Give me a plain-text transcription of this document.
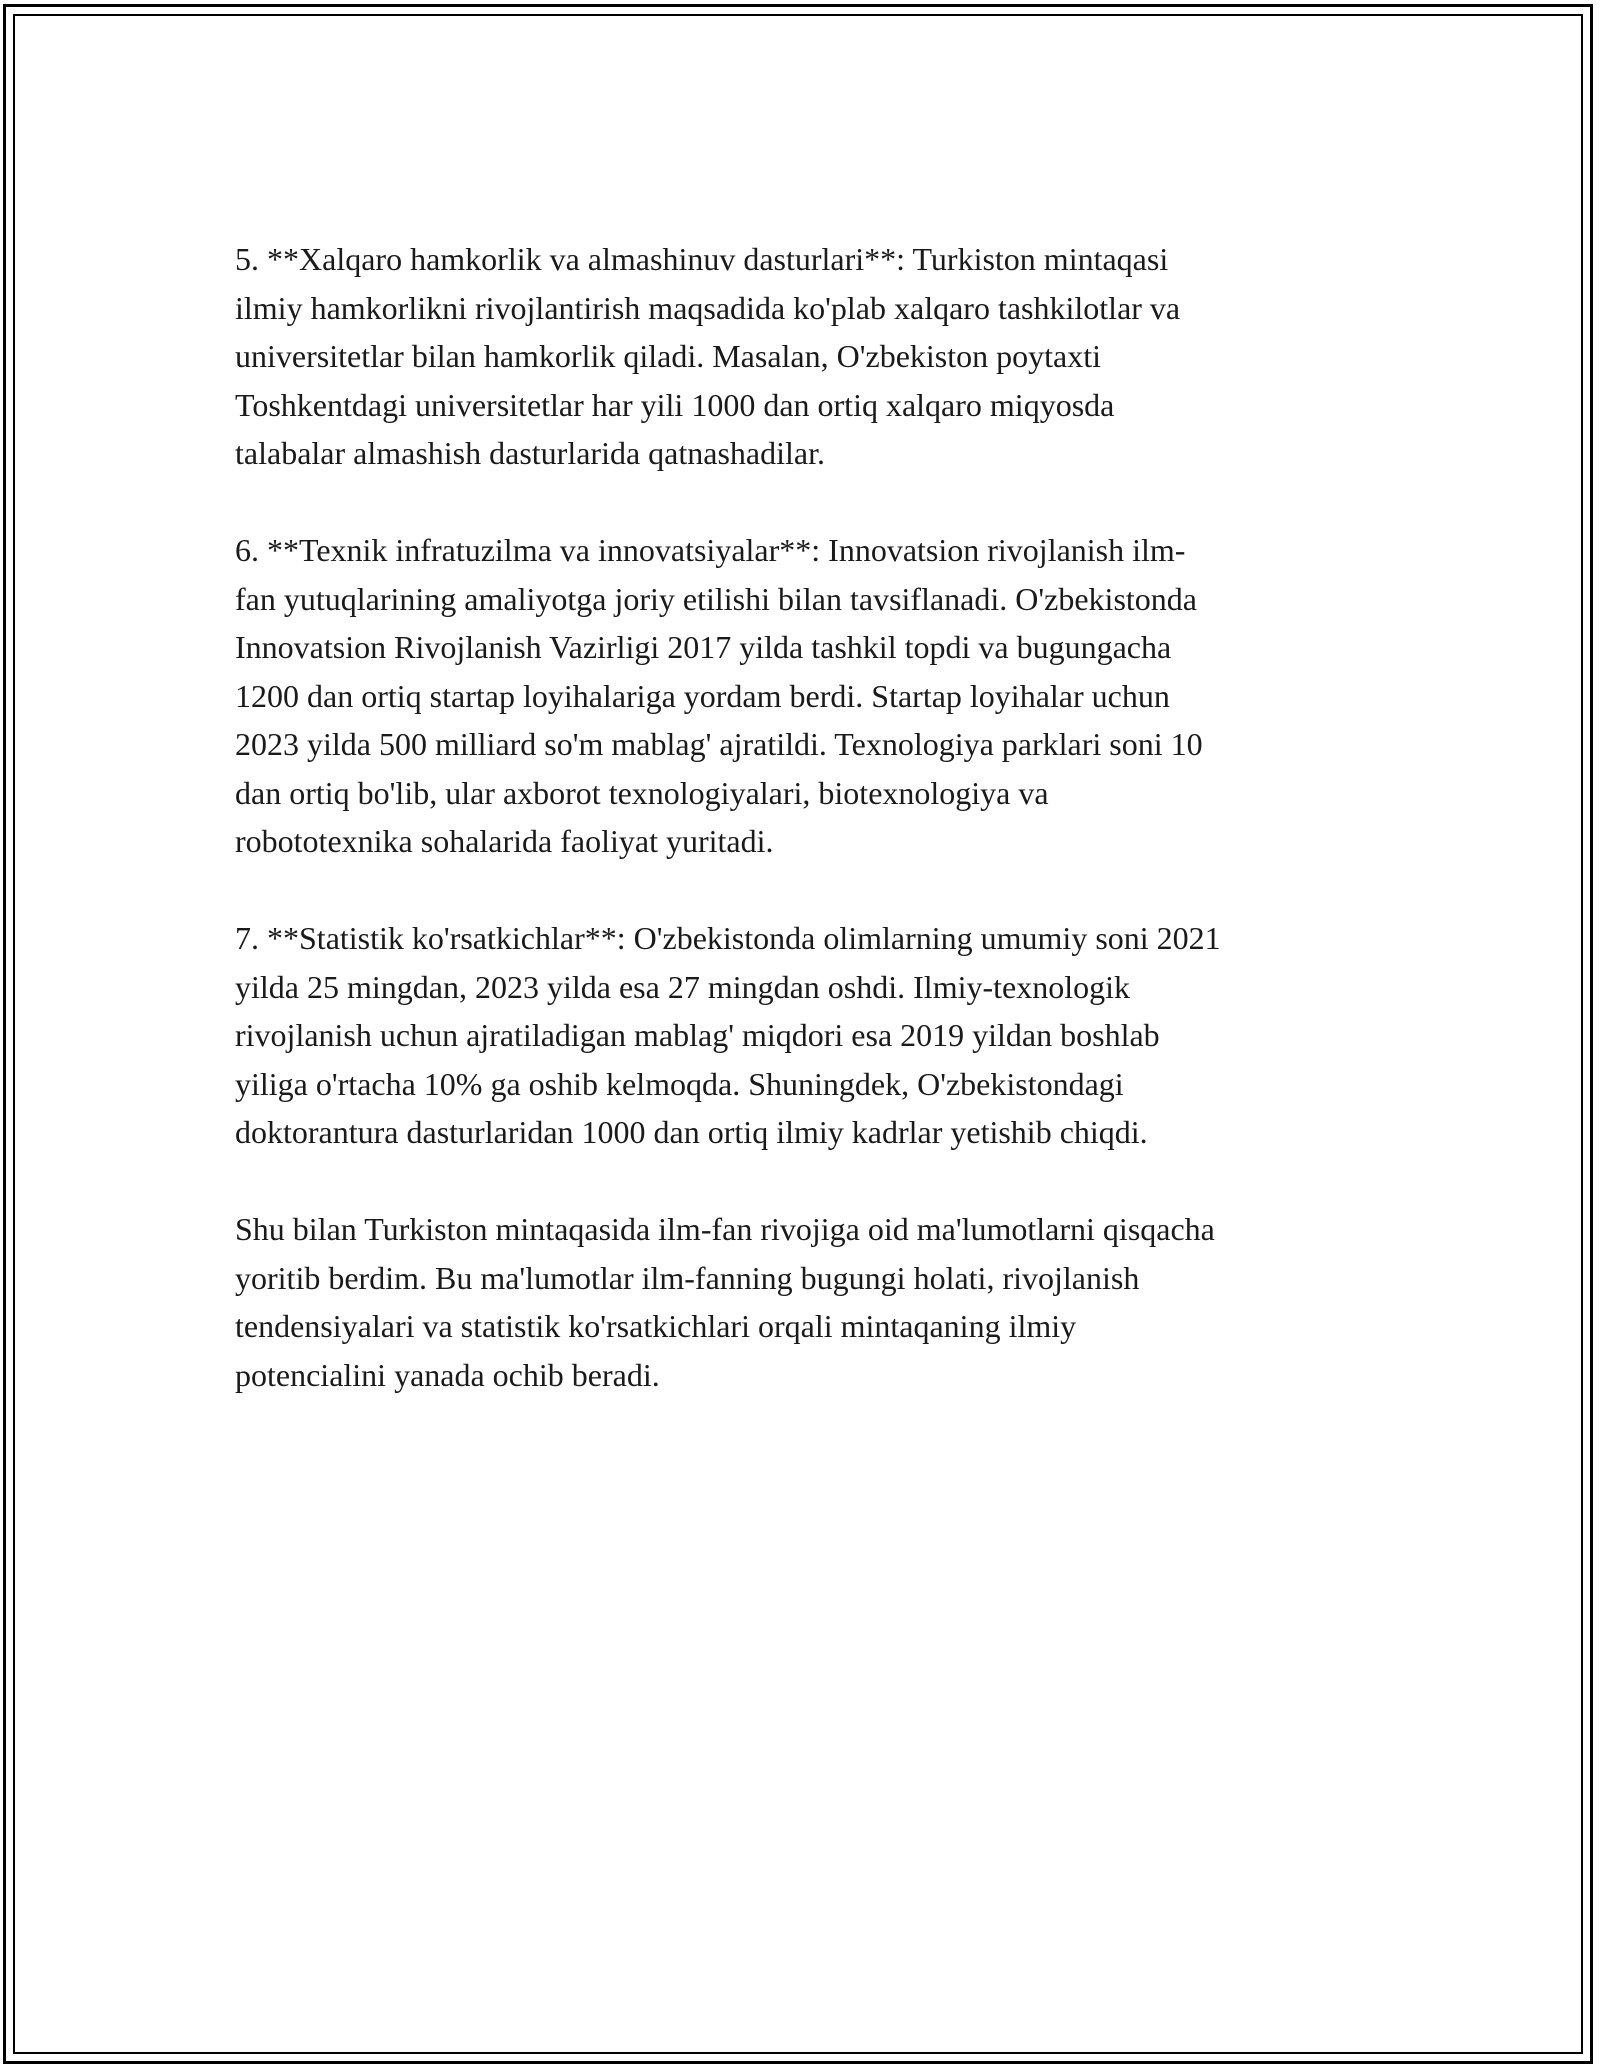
5. **Xalqaro hamkorlik va almashinuv dasturlari**: Turkiston mintaqasi
ilmiy hamkorlikni rivojlantirish maqsadida ko'plab xalqaro tashkilotlar va
universitetlar bilan hamkorlik qiladi. Masalan, O'zbekiston poytaxti
Toshkentdagi universitetlar har yili 1000 dan ortiq xalqaro miqyosda
talabalar almashish dasturlarida qatnashadilar.

6. **Texnik infratuzilma va innovatsiyalar**: Innovatsion rivojlanish ilm-
fan yutuqlarining amaliyotga joriy etilishi bilan tavsiflanadi. O'zbekistonda
Innovatsion Rivojlanish Vazirligi 2017 yilda tashkil topdi va bugungacha
1200 dan ortiq startap loyihalariga yordam berdi. Startap loyihalar uchun
2023 yilda 500 milliard so'm mablag' ajratildi. Texnologiya parklari soni 10
dan ortiq bo'lib, ular axborot texnologiyalari, biotexnologiya va
robototexnika sohalarida faoliyat yuritadi.

7. **Statistik ko'rsatkichlar**: O'zbekistonda olimlarning umumiy soni 2021
yilda 25 mingdan, 2023 yilda esa 27 mingdan oshdi. Ilmiy-texnologik
rivojlanish uchun ajratiladigan mablag' miqdori esa 2019 yildan boshlab
yiliga o'rtacha 10% ga oshib kelmoqda. Shuningdek, O'zbekistondagi
doktorantura dasturlaridan 1000 dan ortiq ilmiy kadrlar yetishib chiqdi.

Shu bilan Turkiston mintaqasida ilm-fan rivojiga oid ma'lumotlarni qisqacha
yoritib berdim. Bu ma'lumotlar ilm-fanning bugungi holati, rivojlanish
tendensiyalari va statistik ko'rsatkichlari orqali mintaqaning ilmiy
potencialini yanada ochib beradi.
